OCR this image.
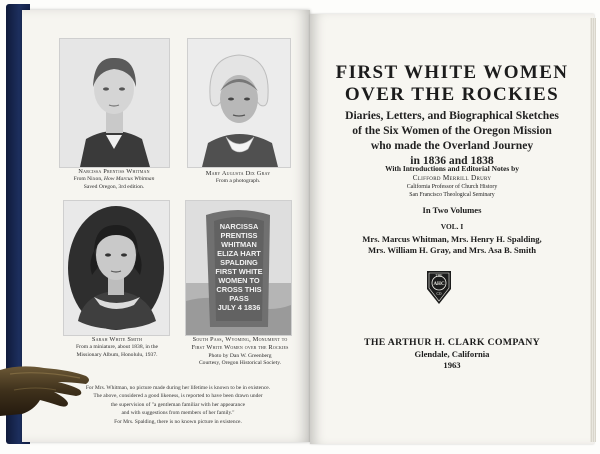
Narcissa Prentiss Whitman
From Nixon, How Marcus Whitman
Saved Oregon, 3rd edition.
Mary Augusta Dix Gray
From a photograph.
Sarah White Smith
From a miniature, about 1838, in the
Missionary Album, Honolulu, 1937.
NARCISSA
PRENTISS
WHITMAN
ELIZA HART
SPALDING
FIRST WHITE
WOMEN TO
CROSS THIS
PASS
JULY 4 1836
South Pass, Wyoming, Monument to
First White Women over the Rockies
Photo by Dan W. Greenberg
Courtesy, Oregon Historical Society.
For Mrs. Whitman, no picture made during her lifetime is known to be in existence.
The above, considered a good likeness, is reported to have been drawn under
the supervision of "a gentleman familiar with her appearance
and with suggestions from members of her family."
For Mrs. Spalding, there is no known picture in existence.
FIRST WHITE WOMEN
OVER THE ROCKIES
Diaries, Letters, and Biographical Sketches
of the Six Women of the Oregon Mission
who made the Overland Journey
in 1836 and 1838
With Introductions and Editorial Notes by
Clifford Merrill Drury
California Professor of Church History
San Francisco Theological Seminary
In Two Volumes
VOL. I
Mrs. Marcus Whitman, Mrs. Henry H. Spalding,
Mrs. William H. Gray, and Mrs. Asa B. Smith
THE
AHC
CO
THE ARTHUR H. CLARK COMPANY
Glendale, California
1963
